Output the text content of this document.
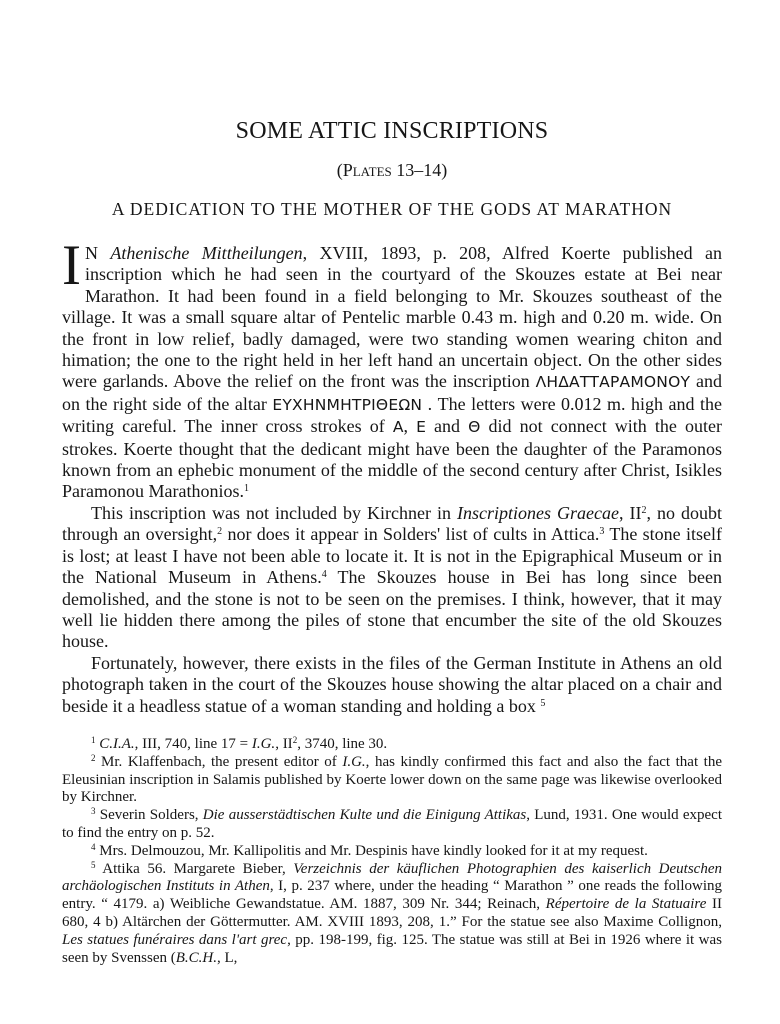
SOME ATTIC INSCRIPTIONS
(Plates 13–14)
A DEDICATION TO THE MOTHER OF THE GODS AT MARATHON

I N Athenische Mittheilungen, XVIII, 1893, p. 208, Alfred Koerte published an inscription which he had seen in the courtyard of the Skouzes estate at Bei near Marathon. It had been found in a field belonging to Mr. Skouzes southeast of the village. It was a small square altar of Pentelic marble 0.43 m. high and 0.20 m. wide. On the front in low relief, badly damaged, were two standing women wearing chiton and himation; the one to the right held in her left hand an uncertain object. On the other sides were garlands. Above the relief on the front was the inscription ΛΗΔΑΤΤΑΡΑΜΟΝΟΥ and on the right side of the altar ΕΥΧΗΝΜΗΤΡΙΘΕΩΝ . The letters were 0.012 m. high and the writing careful. The inner cross strokes of A, E and Θ did not connect with the outer strokes. Koerte thought that the dedicant might have been the daughter of the Paramonos known from an ephebic monument of the middle of the second century after Christ, Isikles Paramonou Marathonios.$^1$

This inscription was not included by Kirchner in Inscriptiones Graecae, $II^2$, no doubt through an oversight,$^2$ nor does it appear in Solders' list of cults in Attica.$^3$ The stone itself is lost; at least I have not been able to locate it. It is not in the Epigraphical Museum or in the National Museum in Athens.$^4$ The Skouzes house in Bei has long since been demolished, and the stone is not to be seen on the premises. I think, however, that it may well lie hidden there among the piles of stone that encumber the site of the old Skouzes house.

Fortunately, however, there exists in the files of the German Institute in Athens an old photograph taken in the court of the Skouzes house showing the altar placed on a chair and beside it a headless statue of a woman standing and holding a box $^5$

$^1$ C.I.A., III, 740, line 17 = I.G., $II^2$, 3740, line 30.

$^2$ Mr. Klaffenbach, the present editor of I.G., has kindly confirmed this fact and also the fact that the Eleusinian inscription in Salamis published by Koerte lower down on the same page was likewise overlooked by Kirchner.

$^3$ Severin Solders, Die ausserstädtischen Kulte und die Einigung Attikas, Lund, 1931. One would expect to find the entry on p. 52.

$^4$ Mrs. Delmouzou, Mr. Kallipolitis and Mr. Despinis have kindly looked for it at my request.

$^5$ Attika 56. Margarete Bieber, Verzeichnis der käuflichen Photographien des kaiserlich Deutschen archäologischen Instituts in Athen, I, p. 237 where, under the heading “ Marathon ” one reads the following entry. “ 4179. a) Weibliche Gewandstatue. AM. 1887, 309 Nr. 344; Reinach, Répertoire de la Statuaire II 680, 4 b) Altärchen der Göttermutter. AM. XVIII 1893, 208, 1.” For the statue see also Maxime Collignon, Les statues funéraires dans l'art grec, pp. 198-199, fig. 125. The statue was still at Bei in 1926 where it was seen by Svenssen (B.C.H., L,
